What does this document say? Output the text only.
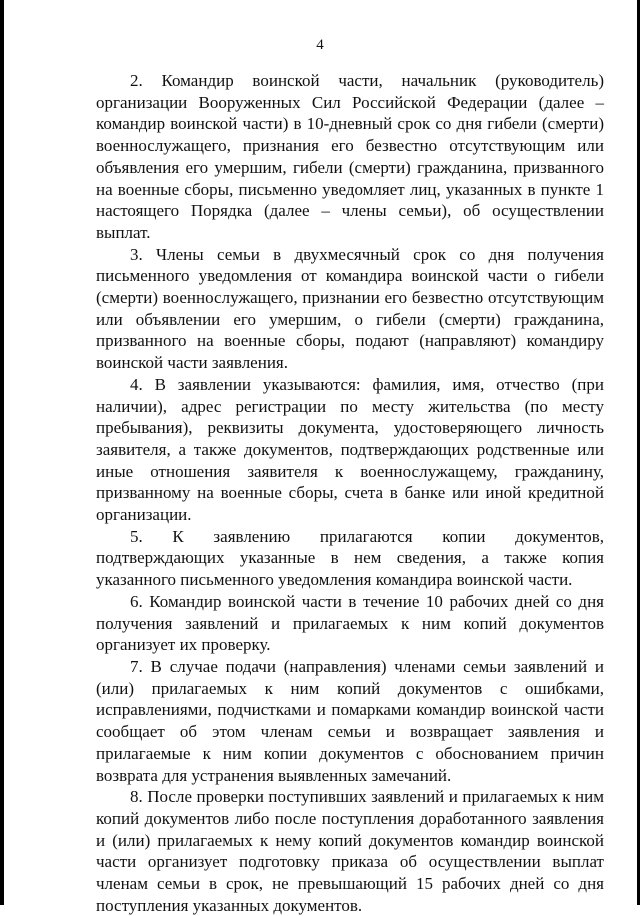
4

2. Командир воинской части, начальник (руководитель) организации Вооруженных Сил Российской Федерации (далее – командир воинской части) в 10-дневный срок со дня гибели (смерти) военнослужащего, признания его безвестно отсутствующим или объявления его умершим, гибели (смерти) гражданина, призванного на военные сборы, письменно уведомляет лиц, указанных в пункте 1 настоящего Порядка (далее – члены семьи), об осуществлении выплат.

3. Члены семьи в двухмесячный срок со дня получения письменного уведомления от командира воинской части о гибели (смерти) военнослужащего, признании его безвестно отсутствующим или объявлении его умершим, о гибели (смерти) гражданина, призванного на военные сборы, подают (направляют) командиру воинской части заявления.

4. В заявлении указываются: фамилия, имя, отчество (при наличии), адрес регистрации по месту жительства (по месту пребывания), реквизиты документа, удостоверяющего личность заявителя, а также документов, подтверждающих родственные или иные отношения заявителя к военнослужащему, гражданину, призванному на военные сборы, счета в банке или иной кредитной организации.

5. К заявлению прилагаются копии документов, подтверждающих указанные в нем сведения, а также копия указанного письменного уведомления командира воинской части.

6. Командир воинской части в течение 10 рабочих дней со дня получения заявлений и прилагаемых к ним копий документов организует их проверку.

7. В случае подачи (направления) членами семьи заявлений и (или) прилагаемых к ним копий документов с ошибками, исправлениями, подчистками и помарками командир воинской части сообщает об этом членам семьи и возвращает заявления и прилагаемые к ним копии документов с обоснованием причин возврата для устранения выявленных замечаний.

8. После проверки поступивших заявлений и прилагаемых к ним копий документов либо после поступления доработанного заявления и (или) прилагаемых к нему копий документов командир воинской части организует подготовку приказа об осуществлении выплат членам семьи в срок, не превышающий 15 рабочих дней со дня поступления указанных документов.
